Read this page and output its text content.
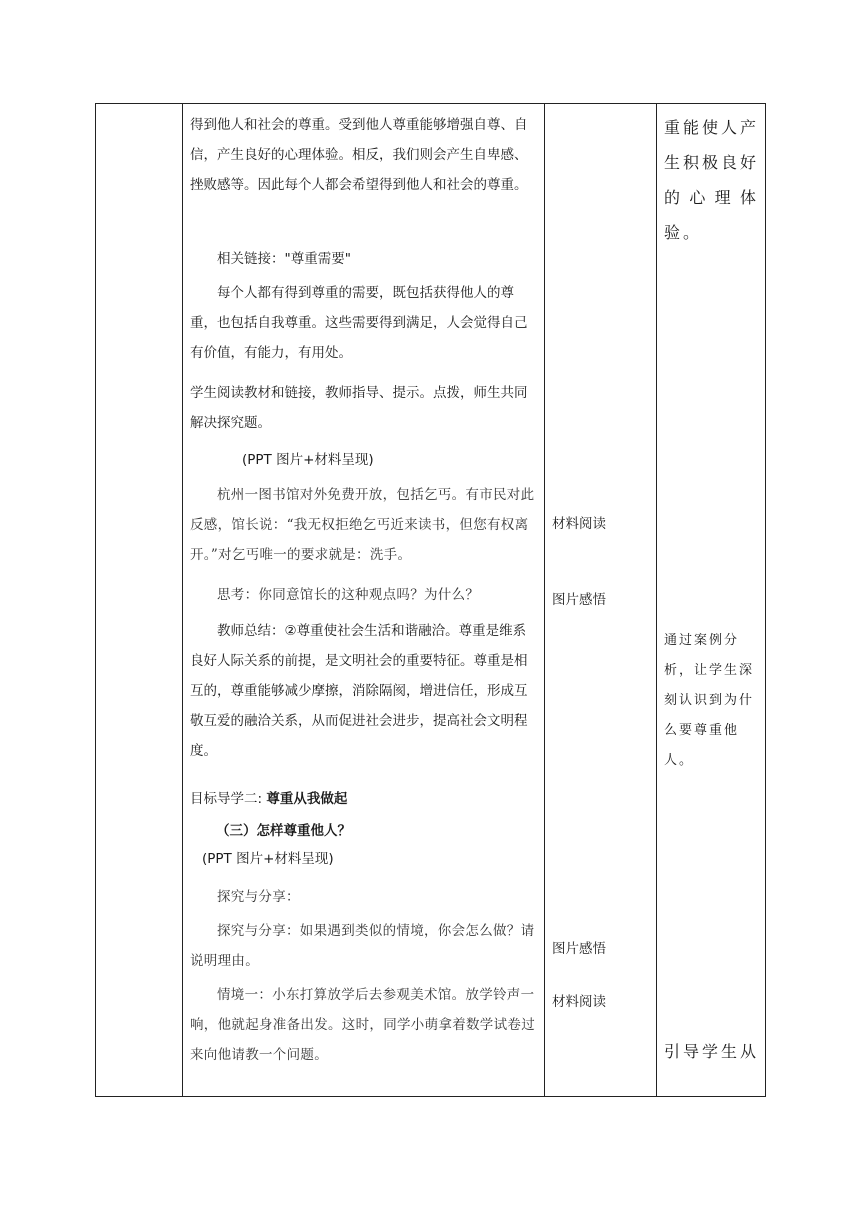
得到他人和社会的尊重。受到他人尊重能够增强自尊、自信，产生良好的心理体验。相反，我们则会产生自卑感、挫败感等。因此每个人都会希望得到他人和社会的尊重。

相关链接："尊重需要"

每个人都有得到尊重的需要，既包括获得他人的尊重，也包括自我尊重。这些需要得到满足，人会觉得自己有价值，有能力，有用处。

学生阅读教材和链接，教师指导、提示。点拨，师生共同解决探究题。

(PPT 图片+材料呈现)

杭州一图书馆对外免费开放，包括乞丐。有市民对此反感，馆长说：“我无权拒绝乞丐近来读书，但您有权离开。”对乞丐唯一的要求就是：洗手。

思考：你同意馆长的这种观点吗？为什么？

教师总结：②尊重使社会生活和谐融洽。尊重是维系良好人际关系的前提，是文明社会的重要特征。尊重是相互的，尊重能够减少摩擦，消除隔阂，增进信任，形成互敬互爱的融洽关系，从而促进社会进步，提高社会文明程度。

目标导学二: 尊重从我做起

（三）怎样尊重他人？

(PPT 图片+材料呈现)

探究与分享：

探究与分享：如果遇到类似的情境，你会怎么做？请说明理由。

情境一：小东打算放学后去参观美术馆。放学铃声一响，他就起身准备出发。这时，同学小萌拿着数学试卷过来向他请教一个问题。

材料阅读

图片感悟

图片感悟

材料阅读

重能使人产生积极良好的心理体验。

通过案例分析，让学生深刻认识到为什么要尊重他人。

引导学生从
